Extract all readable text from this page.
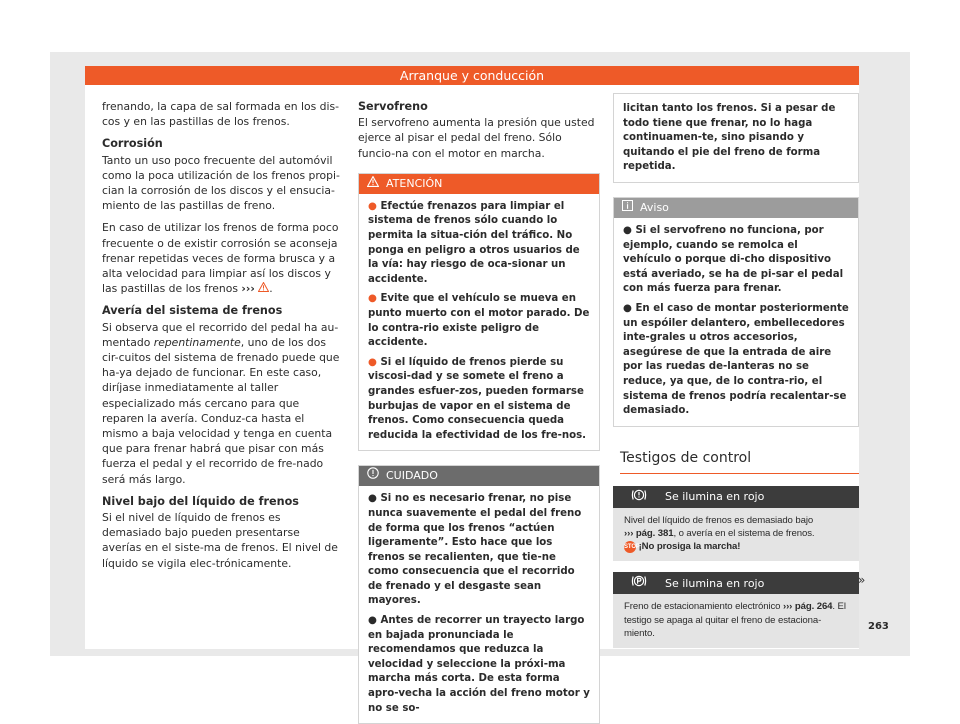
Arranque y conducción

frenando, la capa de sal formada en los dis-cos y en las pastillas de los frenos.

Corrosión

Tanto un uso poco frecuente del automóvil como la poca utilización de los frenos propi-cian la corrosión de los discos y el ensucia-miento de las pastillas de freno.

En caso de utilizar los frenos de forma poco frecuente o de existir corrosión se aconseja frenar repetidas veces de forma brusca y a alta velocidad para limpiar así los discos y las pastillas de los frenos ››› .

Avería del sistema de frenos

Si observa que el recorrido del pedal ha au-mentado repentinamente, uno de los dos cir-cuitos del sistema de frenado puede que ha-ya dejado de funcionar. En este caso, diríjase inmediatamente al taller especializado más cercano para que reparen la avería. Conduz-ca hasta el mismo a baja velocidad y tenga en cuenta que para frenar habrá que pisar con más fuerza el pedal y el recorrido de fre-nado será más largo.

Nivel bajo del líquido de frenos

Si el nivel de líquido de frenos es demasiado bajo pueden presentarse averías en el siste-ma de frenos. El nivel de líquido se vigila elec-trónicamente.

Servofreno

El servofreno aumenta la presión que usted ejerce al pisar el pedal del freno. Sólo funcio-na con el motor en marcha.

ATENCIÓN

● Efectúe frenazos para limpiar el sistema de frenos sólo cuando lo permita la situa-ción del tráfico. No ponga en peligro a otros usuarios de la vía: hay riesgo de oca-sionar un accidente.

● Evite que el vehículo se mueva en punto muerto con el motor parado. De lo contra-rio existe peligro de accidente.

● Si el líquido de frenos pierde su viscosi-dad y se somete el freno a grandes esfuer-zos, pueden formarse burbujas de vapor en el sistema de frenos. Como consecuencia queda reducida la efectividad de los fre-nos.

CUIDADO

● Si no es necesario frenar, no pise nunca suavemente el pedal del freno de forma que los frenos “actúen ligeramente”. Esto hace que los frenos se recalienten, que tie-ne como consecuencia que el recorrido de frenado y el desgaste sean mayores.

● Antes de recorrer un trayecto largo en bajada pronunciada le recomendamos que reduzca la velocidad y seleccione la próxi-ma marcha más corta. De esta forma apro-vecha la acción del freno motor y no se so-

licitan tanto los frenos. Si a pesar de todo tiene que frenar, no lo haga continuamen-te, sino pisando y quitando el pie del freno de forma repetida.
Aviso

● Si el servofreno no funciona, por ejemplo, cuando se remolca el vehículo o porque di-cho dispositivo está averiado, se ha de pi-sar el pedal con más fuerza para frenar.

● En el caso de montar posteriormente un espóiler delantero, embellecedores inte-grales u otros accesorios, asegúrese de que la entrada de aire por las ruedas de-lanteras no se reduce, ya que, de lo contra-rio, el sistema de frenos podría recalentar-se demasiado.

Testigos de control
Se ilumina en rojo
Nivel del líquido de frenos es demasiado bajo
››› pág. 381, o avería en el sistema de frenos.
STOP ¡No prosiga la marcha!
Se ilumina en rojo
Freno de estacionamiento electrónico ››› pág. 264. El testigo se apaga al quitar el freno de estaciona-miento.
»
263
